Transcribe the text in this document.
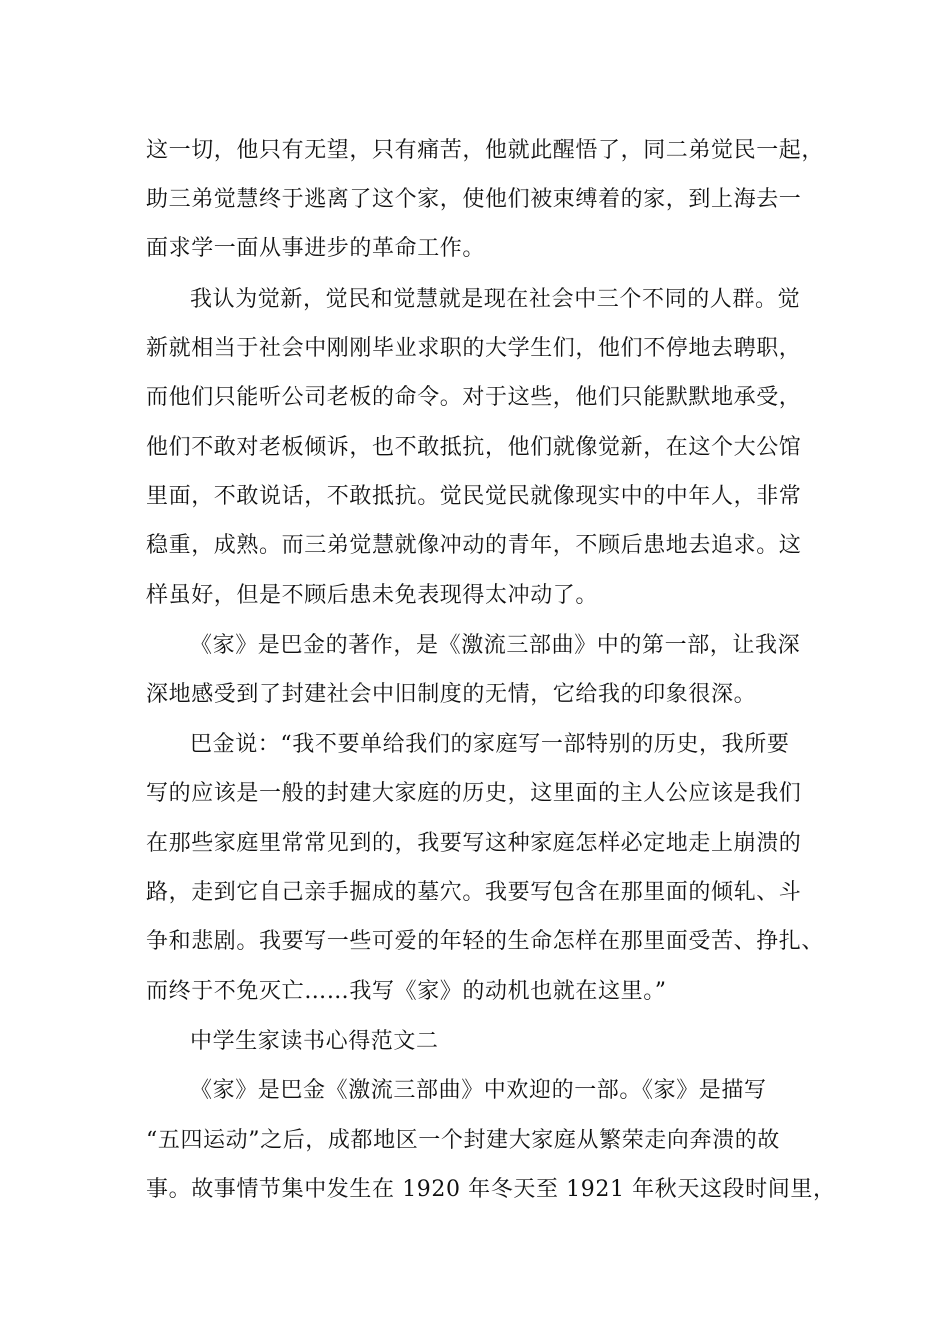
这一切，他只有无望，只有痛苦，他就此醒悟了，同二弟觉民一起，
助三弟觉慧终于逃离了这个家，使他们被束缚着的家，到上海去一
面求学一面从事进步的革命工作。
我认为觉新，觉民和觉慧就是现在社会中三个不同的人群。觉
新就相当于社会中刚刚毕业求职的大学生们，他们不停地去聘职，
而他们只能听公司老板的命令。对于这些，他们只能默默地承受，
他们不敢对老板倾诉，也不敢抵抗，他们就像觉新，在这个大公馆
里面，不敢说话，不敢抵抗。觉民觉民就像现实中的中年人，非常
稳重，成熟。而三弟觉慧就像冲动的青年，不顾后患地去追求。这
样虽好，但是不顾后患未免表现得太冲动了。
《家》是巴金的著作，是《激流三部曲》中的第一部，让我深
深地感受到了封建社会中旧制度的无情，它给我的印象很深。
巴金说：“我不要单给我们的家庭写一部特别的历史，我所要
写的应该是一般的封建大家庭的历史，这里面的主人公应该是我们
在那些家庭里常常见到的，我要写这种家庭怎样必定地走上崩溃的
路，走到它自己亲手掘成的墓穴。我要写包含在那里面的倾轧、斗
争和悲剧。我要写一些可爱的年轻的生命怎样在那里面受苦、挣扎、
而终于不免灭亡……我写《家》的动机也就在这里。”
中学生家读书心得范文二
《家》是巴金《激流三部曲》中欢迎的一部。《家》是描写
“五四运动”之后，成都地区一个封建大家庭从繁荣走向奔溃的故
事。故事情节集中发生在 1920 年冬天至 1921 年秋天这段时间里，
